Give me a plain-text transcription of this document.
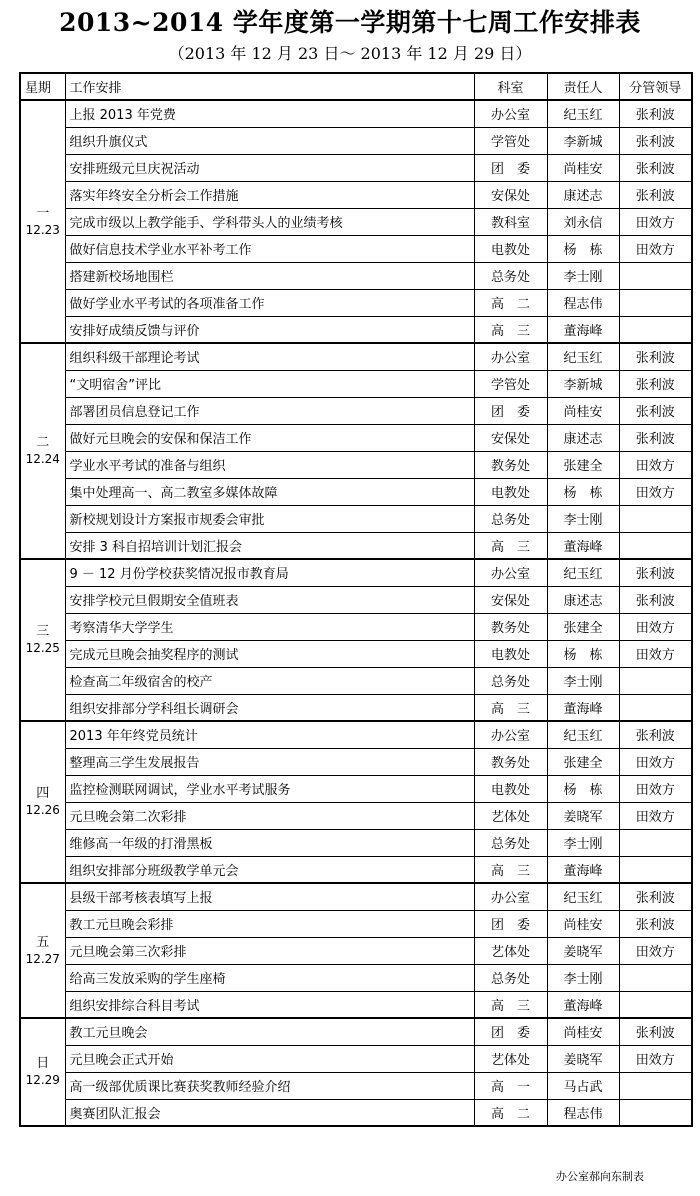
2013~2014 学年度第一学期第十七周工作安排表
（2013 年 12 月 23 日～ 2013 年 12 月 29 日）
星期	工作安排	科室	责任人	分管领导

一
12.23	上报 2013 年党费	办公室	纪玉红	张利波
	组织升旗仪式	学管处	李新城	张利波
	安排班级元旦庆祝活动	团　委	尚桂安	张利波
	落实年终安全分析会工作措施	安保处	康述志	张利波
	完成市级以上教学能手、学科带头人的业绩考核	教科室	刘永信	田效方
	做好信息技术学业水平补考工作	电教处	杨　栋	田效方
	搭建新校场地围栏	总务处	李士刚	
	做好学业水平考试的各项准备工作	高　二	程志伟	
	安排好成绩反馈与评价	高　三	董海峰	

二
12.24	组织科级干部理论考试	办公室	纪玉红	张利波
	“文明宿舍”评比	学管处	李新城	张利波
	部署团员信息登记工作	团　委	尚桂安	张利波
	做好元旦晚会的安保和保洁工作	安保处	康述志	张利波
	学业水平考试的准备与组织	教务处	张建全	田效方
	集中处理高一、高二教室多媒体故障	电教处	杨　栋	田效方
	新校规划设计方案报市规委会审批	总务处	李士刚	
	安排 3 科自招培训计划汇报会	高　三	董海峰	

三
12.25	9 － 12 月份学校获奖情况报市教育局	办公室	纪玉红	张利波
	安排学校元旦假期安全值班表	安保处	康述志	张利波
	考察清华大学学生	教务处	张建全	田效方
	完成元旦晚会抽奖程序的测试	电教处	杨　栋	田效方
	检查高二年级宿舍的校产	总务处	李士刚	
	组织安排部分学科组长调研会	高　三	董海峰	

四
12.26	2013 年年终党员统计	办公室	纪玉红	张利波
	整理高三学生发展报告	教务处	张建全	田效方
	监控检测联网调试，学业水平考试服务	电教处	杨　栋	田效方
	元旦晚会第二次彩排	艺体处	姜晓军	田效方
	维修高一年级的打滑黑板	总务处	李士刚	
	组织安排部分班级教学单元会	高　三	董海峰	

五
12.27	县级干部考核表填写上报	办公室	纪玉红	张利波
	教工元旦晚会彩排	团　委	尚桂安	张利波
	元旦晚会第三次彩排	艺体处	姜晓军	田效方
	给高三发放采购的学生座椅	总务处	李士刚	
	组织安排综合科目考试	高　三	董海峰	

日
12.29	教工元旦晚会	团　委	尚桂安	张利波
	元旦晚会正式开始	艺体处	姜晓军	田效方
	高一级部优质课比赛获奖教师经验介绍	高　一	马占武	
	奥赛团队汇报会	高　二	程志伟	
办公室郝向东制表
